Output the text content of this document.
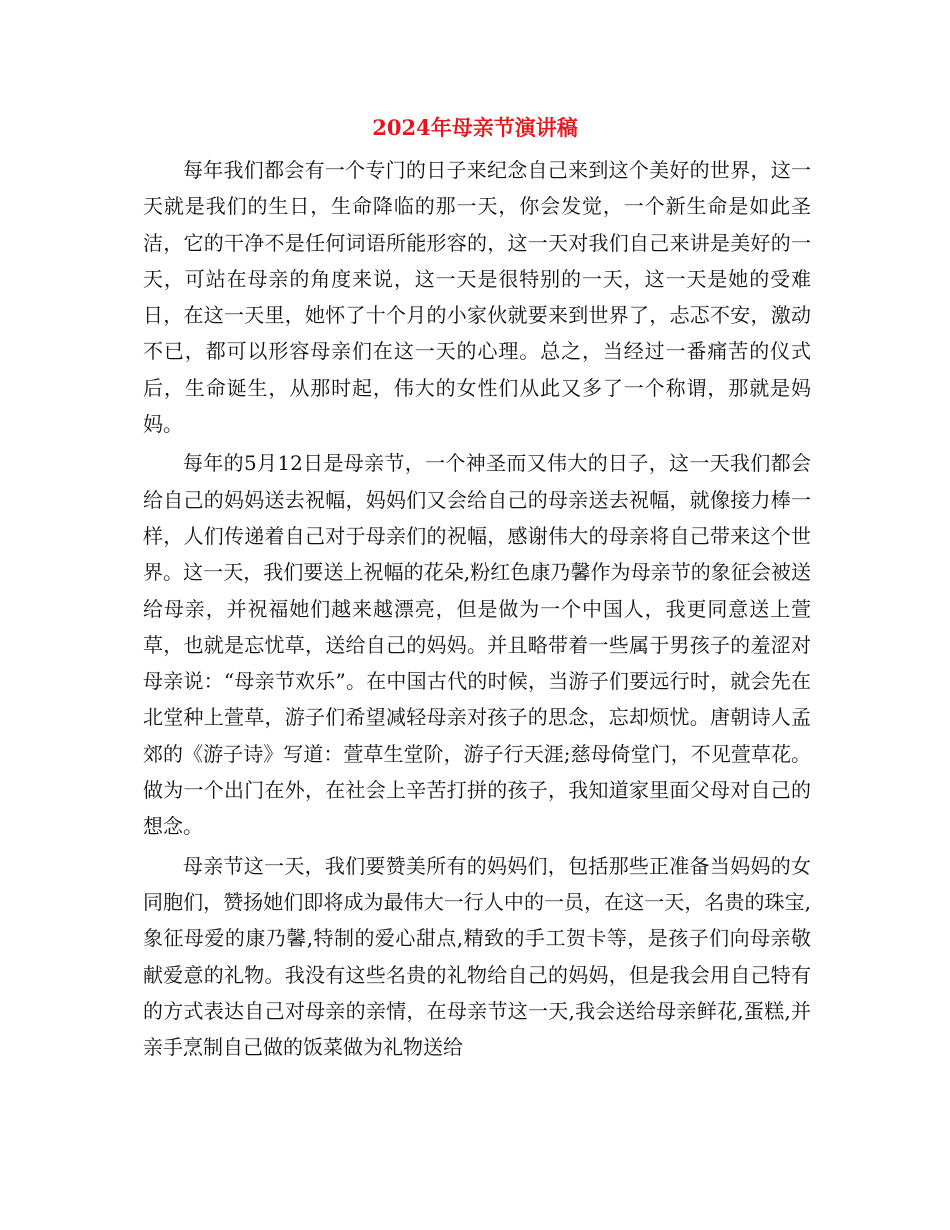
2024年母亲节演讲稿

每年我们都会有一个专门的日子来纪念自己来到这个美好的世界，这一天就是我们的生日，生命降临的那一天，你会发觉，一个新生命是如此圣洁，它的干净不是任何词语所能形容的，这一天对我们自己来讲是美好的一天，可站在母亲的角度来说，这一天是很特别的一天，这一天是她的受难日，在这一天里，她怀了十个月的小家伙就要来到世界了，忐忑不安，激动不已，都可以形容母亲们在这一天的心理。总之，当经过一番痛苦的仪式后，生命诞生，从那时起，伟大的女性们从此又多了一个称谓，那就是妈妈。

每年的5月12日是母亲节，一个神圣而又伟大的日子，这一天我们都会给自己的妈妈送去祝幅，妈妈们又会给自己的母亲送去祝幅，就像接力棒一样，人们传递着自己对于母亲们的祝幅，感谢伟大的母亲将自己带来这个世界。这一天，我们要送上祝幅的花朵,粉红色康乃馨作为母亲节的象征会被送给母亲，并祝福她们越来越漂亮，但是做为一个中国人，我更同意送上萱草，也就是忘忧草，送给自己的妈妈。并且略带着一些属于男孩子的羞涩对母亲说：“母亲节欢乐”。在中国古代的时候，当游子们要远行时，就会先在北堂种上萱草，游子们希望减轻母亲对孩子的思念，忘却烦忧。唐朝诗人孟郊的《游子诗》写道：萱草生堂阶，游子行天涯;慈母倚堂门，不见萱草花。做为一个出门在外，在社会上辛苦打拼的孩子，我知道家里面父母对自己的想念。

母亲节这一天，我们要赞美所有的妈妈们，包括那些正准备当妈妈的女同胞们，赞扬她们即将成为最伟大一行人中的一员，在这一天，名贵的珠宝,象征母爱的康乃馨,特制的爱心甜点,精致的手工贺卡等，是孩子们向母亲敬献爱意的礼物。我没有这些名贵的礼物给自己的妈妈，但是我会用自己特有的方式表达自己对母亲的亲情，在母亲节这一天,我会送给母亲鲜花,蛋糕,并亲手烹制自己做的饭菜做为礼物送给
